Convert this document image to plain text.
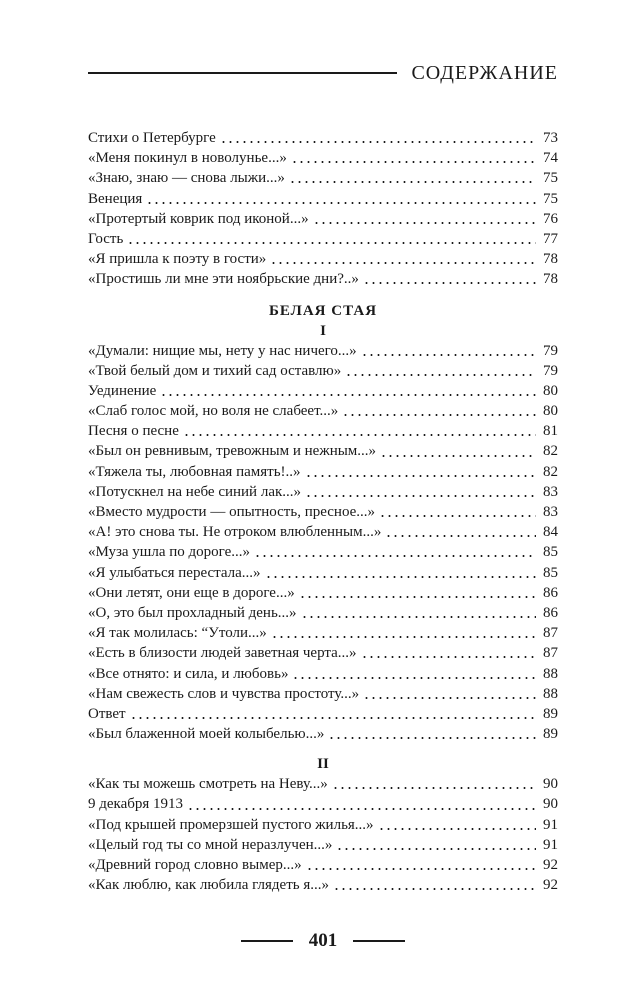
СОДЕРЖАНИЕ
Стихи о Петербурге	73
«Меня покинул в новолунье...»	74
«Знаю, знаю — снова лыжи...»	75
Венеция	75
«Протертый коврик под иконой...»	76
Гость	77
«Я пришла к поэту в гости»	78
«Простишь ли мне эти ноябрьские дни?..»	78
БЕЛАЯ СТАЯ
I
«Думали: нищие мы, нету у нас ничего...»	79
«Твой белый дом и тихий сад оставлю»	79
Уединение	80
«Слаб голос мой, но воля не слабеет...»	80
Песня о песне	81
«Был он ревнивым, тревожным и нежным...»	82
«Тяжела ты, любовная память!..»	82
«Потускнел на небе синий лак...»	83
«Вместо мудрости — опытность, пресное...»	83
«А! это снова ты. Не отроком влюбленным...»	84
«Муза ушла по дороге...»	85
«Я улыбаться перестала...»	85
«Они летят, они еще в дороге...»	86
«О, это был прохладный день...»	86
«Я так молилась: “Утоли...»	87
«Есть в близости людей заветная черта...»	87
«Все отнято: и сила, и любовь»	88
«Нам свежесть слов и чувства простоту...»	88
Ответ	89
«Был блаженной моей колыбелью...»	89
II
«Как ты можешь смотреть на Неву...»	90
9 декабря 1913	90
«Под крышей промерзшей пустого жилья...»	91
«Целый год ты со мной неразлучен...»	91
«Древний город словно вымер...»	92
«Как люблю, как любила глядеть я...»	92
401
